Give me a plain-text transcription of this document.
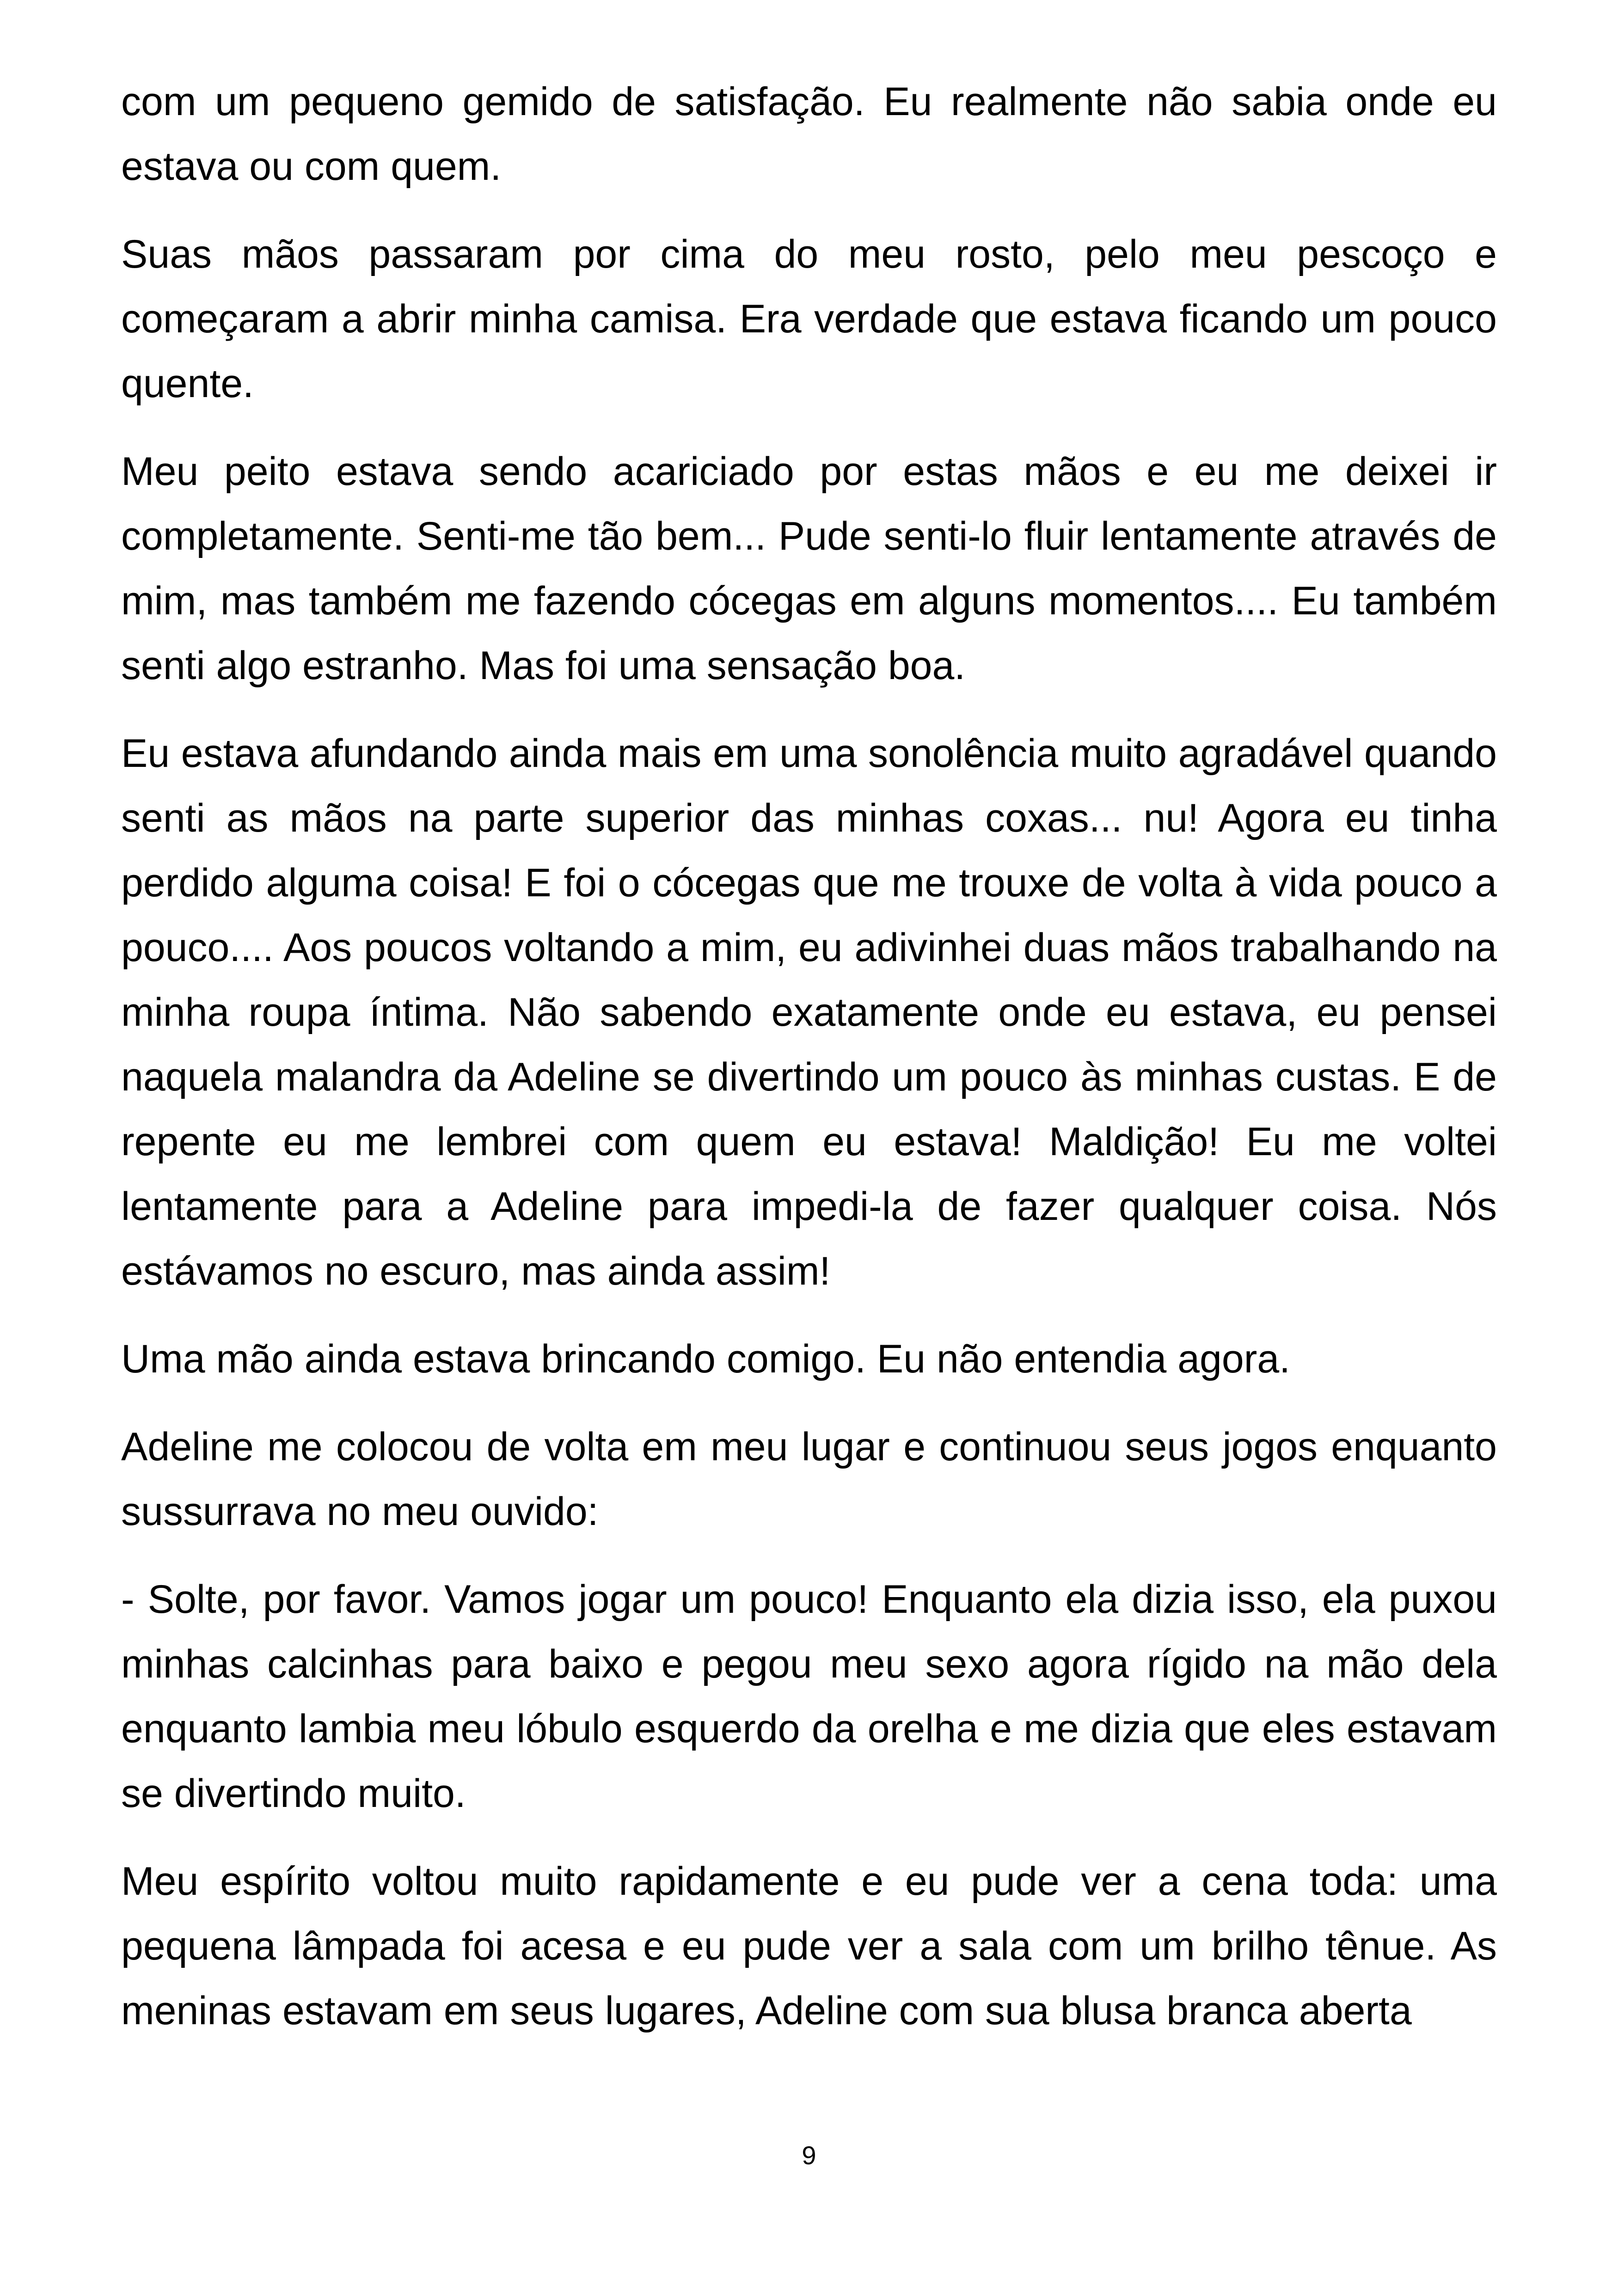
com um pequeno gemido de satisfação. Eu realmente não sabia onde eu estava ou com quem.

Suas mãos passaram por cima do meu rosto, pelo meu pescoço e começaram a abrir minha camisa. Era verdade que estava ficando um pouco quente.

Meu peito estava sendo acariciado por estas mãos e eu me deixei ir completamente. Senti-me tão bem... Pude senti-lo fluir lentamente através de mim, mas também me fazendo cócegas em alguns momentos.... Eu também senti algo estranho. Mas foi uma sensação boa.

Eu estava afundando ainda mais em uma sonolência muito agradável quando senti as mãos na parte superior das minhas coxas... nu! Agora eu tinha perdido alguma coisa! E foi o cócegas que me trouxe de volta à vida pouco a pouco.... Aos poucos voltando a mim, eu adivinhei duas mãos trabalhando na minha roupa íntima. Não sabendo exatamente onde eu estava, eu pensei naquela malandra da Adeline se divertindo um pouco às minhas custas. E de repente eu me lembrei com quem eu estava! Maldição! Eu me voltei lentamente para a Adeline para impedi-la de fazer qualquer coisa. Nós estávamos no escuro, mas ainda assim!

Uma mão ainda estava brincando comigo. Eu não entendia agora.

Adeline me colocou de volta em meu lugar e continuou seus jogos enquanto sussurrava no meu ouvido:

- Solte, por favor. Vamos jogar um pouco! Enquanto ela dizia isso, ela puxou minhas calcinhas para baixo e pegou meu sexo agora rígido na mão dela enquanto lambia meu lóbulo esquerdo da orelha e me dizia que eles estavam se divertindo muito.

Meu espírito voltou muito rapidamente e eu pude ver a cena toda: uma pequena lâmpada foi acesa e eu pude ver a sala com um brilho tênue. As meninas estavam em seus lugares, Adeline com sua blusa branca aberta

9
